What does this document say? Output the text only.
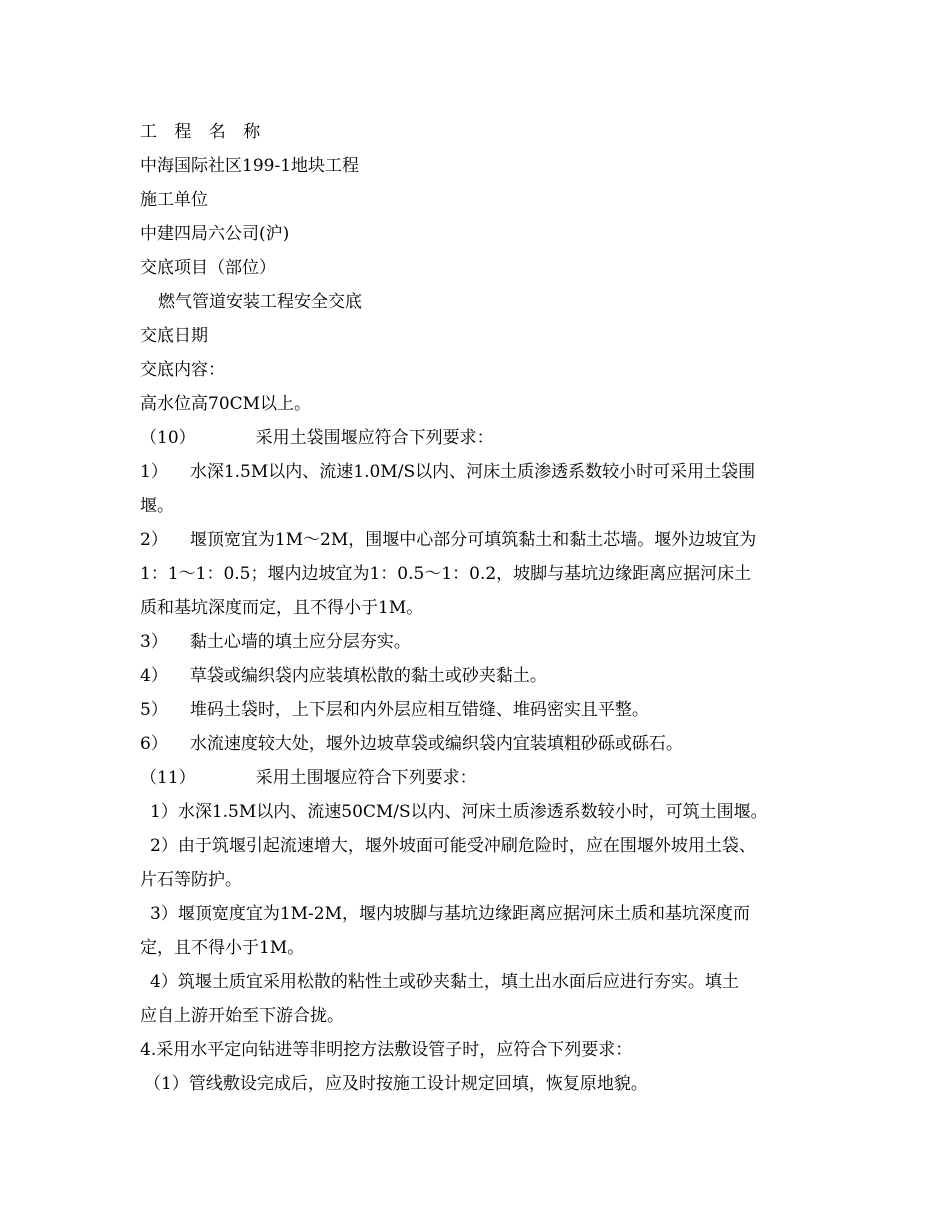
工 程 名 称
中海国际社区199-1地块工程
施工单位
中建四局六公司(沪)
交底项目（部位）
燃气管道安装工程安全交底
交底日期
交底内容：
高水位高70CM以上。
（10）	采用土袋围堰应符合下列要求：
1） 水深1.5M以内、流速1.0M/S以内、河床土质渗透系数较小时可采用土袋围
堰。
2） 堰顶宽宜为1M～2M，围堰中心部分可填筑黏土和黏土芯墙。堰外边坡宜为
1：1～1：0.5；堰内边坡宜为1：0.5～1：0.2，坡脚与基坑边缘距离应据河床土
质和基坑深度而定，且不得小于1M。
3） 黏土心墙的填土应分层夯实。
4） 草袋或编织袋内应装填松散的黏土或砂夹黏土。
5） 堆码土袋时，上下层和内外层应相互错缝、堆码密实且平整。
6） 水流速度较大处，堰外边坡草袋或编织袋内宜装填粗砂砾或砾石。
（11）	采用土围堰应符合下列要求：
1）水深1.5M以内、流速50CM/S以内、河床土质渗透系数较小时，可筑土围堰。
2）由于筑堰引起流速增大，堰外坡面可能受冲刷危险时，应在围堰外坡用土袋、
片石等防护。
3）堰顶宽度宜为1M-2M，堰内坡脚与基坑边缘距离应据河床土质和基坑深度而
定，且不得小于1M。
4）筑堰土质宜采用松散的粘性土或砂夹黏土，填土出水面后应进行夯实。填土
应自上游开始至下游合拢。
4.采用水平定向钻进等非明挖方法敷设管子时，应符合下列要求：
（1）管线敷设完成后，应及时按施工设计规定回填，恢复原地貌。
